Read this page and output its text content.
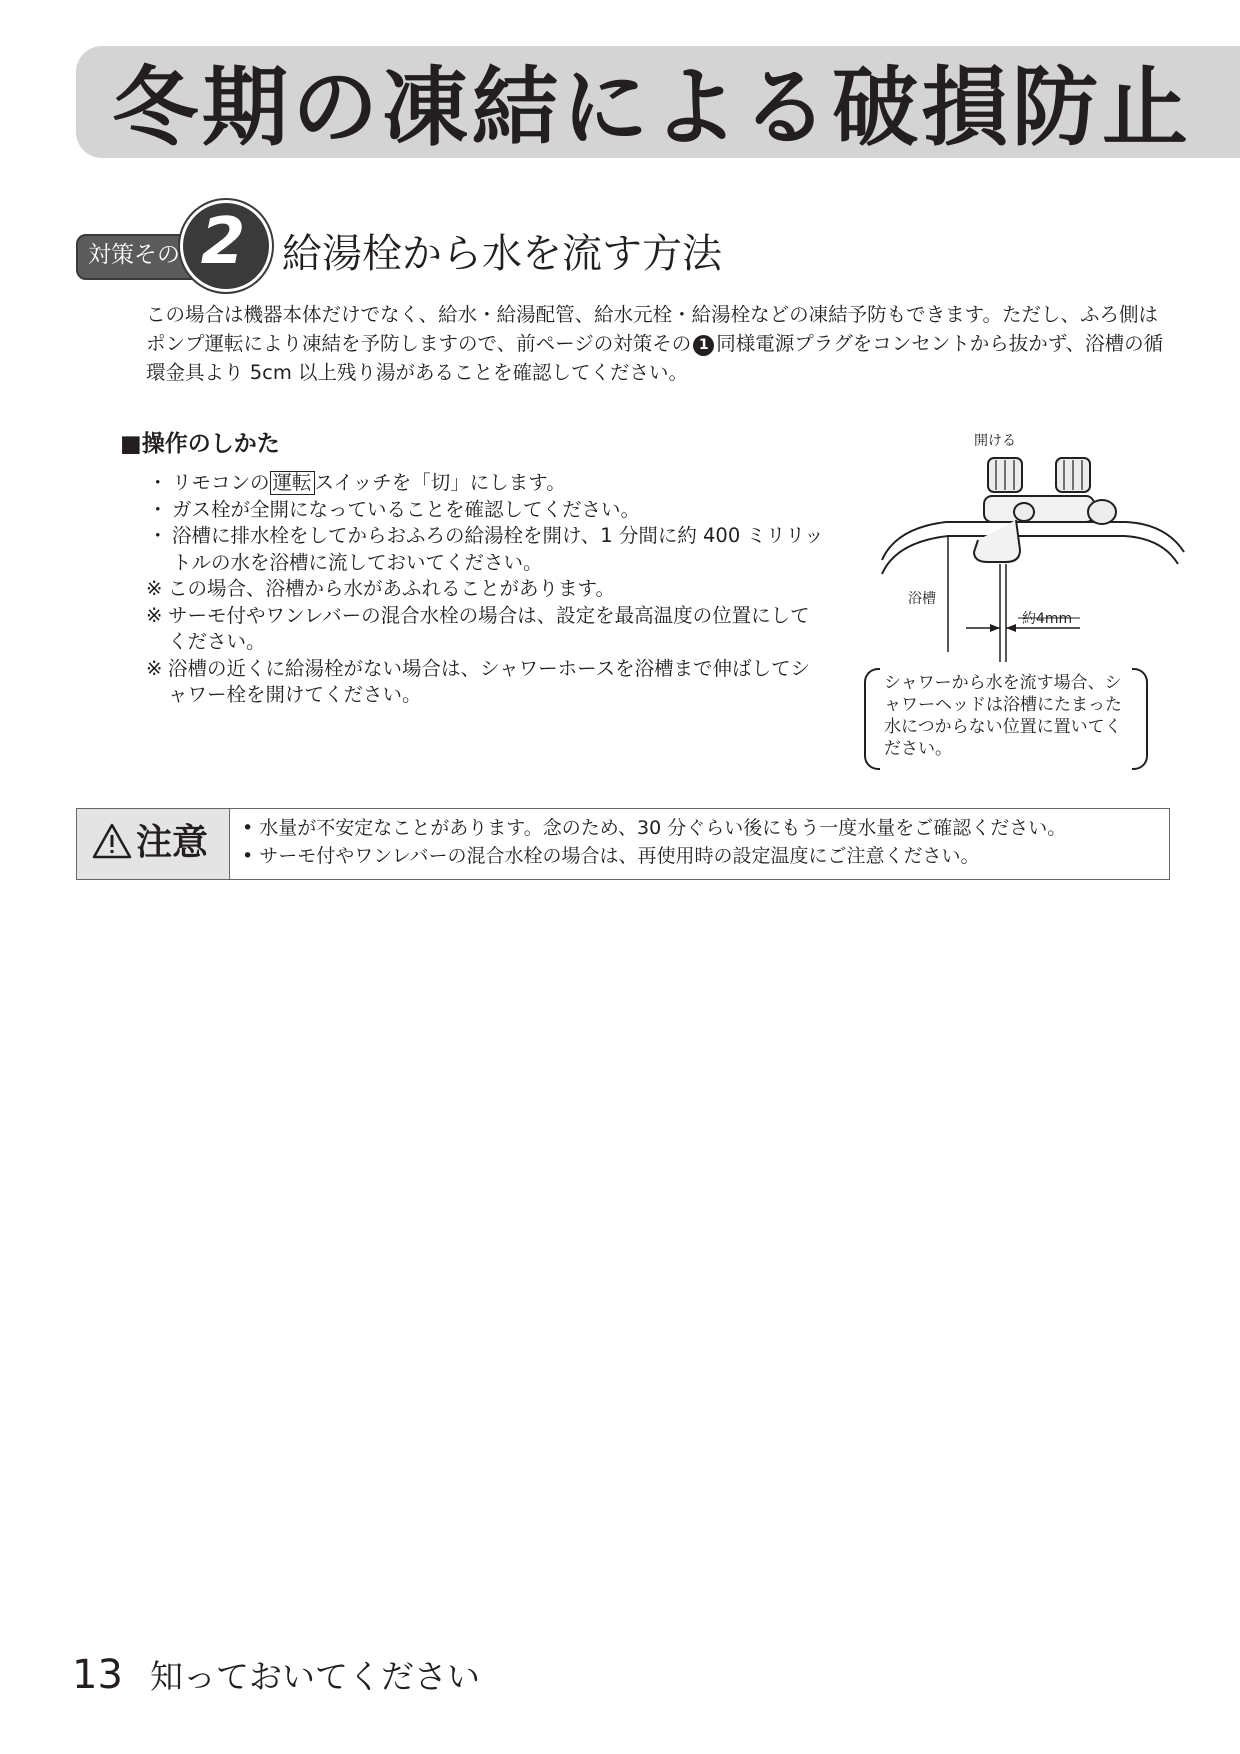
冬期の凍結による破損防止
対策その 2 給湯栓から水を流す方法
この場合は機器本体だけでなく、給水・給湯配管、給水元栓・給湯栓などの凍結予防もできます。ただし、ふろ側はポンプ運転により凍結を予防しますので、前ページの対策その 1 同様電源プラグをコンセントから抜かず、浴槽の循環金具より 5cm 以上残り湯があることを確認してください。
■操作のしかた

・ リモコンの 運転 スイッチを「切」にします。

・ ガス栓が全開になっていることを確認してください。

・ 浴槽に排水栓をしてからおふろの給湯栓を開け、1 分間に約 400 ミリリットルの水を浴槽に流しておいてください。

※ この場合、浴槽から水があふれることがあります。

※ サーモ付やワンレバーの混合水栓の場合は、設定を最高温度の位置にしてください。

※ 浴槽の近くに給湯栓がない場合は、シャワーホースを浴槽まで伸ばしてシャワー栓を開けてください。

開ける
浴槽
約4mm
シャワーから水を流す場合、シャワーヘッドは浴槽にたまった水につからない位置に置いてください。
注意 • 水量が不安定なことがあります。念のため、30 分ぐらい後にもう一度水量をご確認ください。

• サーモ付やワンレバーの混合水栓の場合は、再使用時の設定温度にご注意ください。

13 知っておいてください
